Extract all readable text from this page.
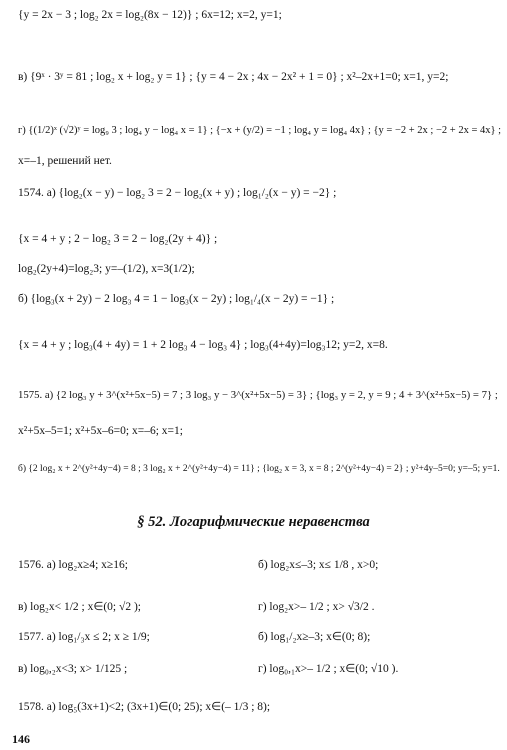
{y = 2x − 3 ; log₂ 2x = log₂(8x − 12)} ; 6x=12; x=2, y=1;
в) {9ˣ · 3ʸ = 81 ; log₂ x + log₂ y = 1} ; {y = 4 − 2x ; 4x − 2x² + 1 = 0} ; x²–2x+1=0; x=1, y=2;
г) {(1/2)ˣ (√2)ʸ = log₉ 3 ; log₄ y − log₄ x = 1} ; {−x + (y/2) = −1 ; log₄ y = log₄ 4x} ; {y = −2 + 2x ; −2 + 2x = 4x} ;
x=–1, решений нет.
1574. а) {log₂(x − y) − log₂ 3 = 2 − log₂(x + y) ; log₁/₂(x − y) = −2} ;
{x = 4 + y ; 2 − log₂ 3 = 2 − log₂(2y + 4)} ;
log₂(2y+4)=log₂3; y=–(1/2), x=3(1/2);
б) {log₃(x + 2y) − 2 log₃ 4 = 1 − log₃(x − 2y) ; log₁/₄(x − 2y) = −1} ;
{x = 4 + y ; log₃(4 + 4y) = 1 + 2 log₃ 4 − log₃ 4} ; log₃(4+4y)=log₃12; y=2, x=8.
1575. а) {2 log₃ y + 3^(x²+5x−5) = 7 ; 3 log₃ y − 3^(x²+5x−5) = 3} ; {log₃ y = 2, y = 9 ; 4 + 3^(x²+5x−5) = 7} ;
x²+5x–5=1; x²+5x–6=0; x=–6; x=1;
б) {2 log₂ x + 2^(y²+4y−4) = 8 ; 3 log₂ x + 2^(y²+4y−4) = 11} ; {log₂ x = 3, x = 8 ; 2^(y²+4y−4) = 2} ; y²+4y–5=0; y=–5; y=1.
§ 52. Логарифмические неравенства
1576. а) log₂x≥4; x≥16;	б) log₂x≤–3; x≤ 1/8 , x>0;
в) log₂x< 1/2 ; x∈(0; √2 );	г) log₂x>– 1/2 ; x> √3/2 .
1577. а) log₁/₃x ≤ 2; x ≥ 1/9;	б) log₁/₂x≥–3; x∈(0; 8);
в) log₀,₂x<3; x> 1/125 ;	г) log₀,₁x>– 1/2 ; x∈(0; √10 ).
1578. а) log₅(3x+1)<2; (3x+1)∈(0; 25); x∈(– 1/3 ; 8);
146
